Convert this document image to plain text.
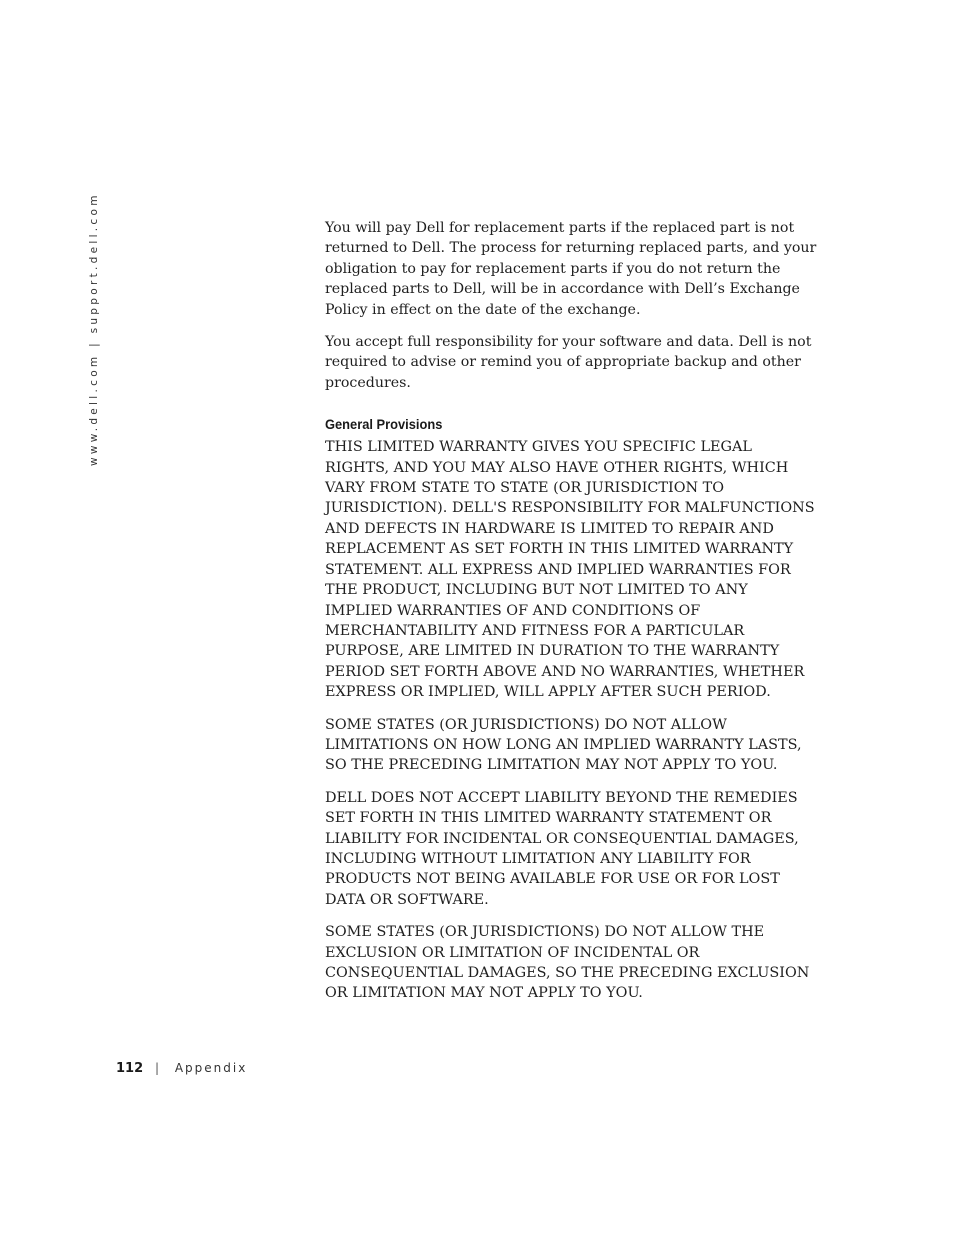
www.dell.com | support.dell.com	You will pay Dell for replacement parts if the replaced part is not returned to Dell. The process for returning replaced parts, and your obligation to pay for replacement parts if you do not return the replaced parts to Dell, will be in accordance with Dell’s Exchange Policy in effect on the date of the exchange.

You accept full responsibility for your software and data. Dell is not required to advise or remind you of appropriate backup and other procedures.

General Provisions

THIS LIMITED WARRANTY GIVES YOU SPECIFIC LEGAL RIGHTS, AND YOU MAY ALSO HAVE OTHER RIGHTS, WHICH VARY FROM STATE TO STATE (OR JURISDICTION TO JURISDICTION). DELL'S RESPONSIBILITY FOR MALFUNCTIONS AND DEFECTS IN HARDWARE IS LIMITED TO REPAIR AND REPLACEMENT AS SET FORTH IN THIS LIMITED WARRANTY STATEMENT. ALL EXPRESS AND IMPLIED WARRANTIES FOR THE PRODUCT, INCLUDING BUT NOT LIMITED TO ANY IMPLIED WARRANTIES OF AND CONDITIONS OF MERCHANTABILITY AND FITNESS FOR A PARTICULAR PURPOSE, ARE LIMITED IN DURATION TO THE WARRANTY PERIOD SET FORTH ABOVE AND NO WARRANTIES, WHETHER EXPRESS OR IMPLIED, WILL APPLY AFTER SUCH PERIOD.

SOME STATES (OR JURISDICTIONS) DO NOT ALLOW LIMITATIONS ON HOW LONG AN IMPLIED WARRANTY LASTS, SO THE PRECEDING LIMITATION MAY NOT APPLY TO YOU.

DELL DOES NOT ACCEPT LIABILITY BEYOND THE REMEDIES SET FORTH IN THIS LIMITED WARRANTY STATEMENT OR LIABILITY FOR INCIDENTAL OR CONSEQUENTIAL DAMAGES, INCLUDING WITHOUT LIMITATION ANY LIABILITY FOR PRODUCTS NOT BEING AVAILABLE FOR USE OR FOR LOST DATA OR SOFTWARE.

SOME STATES (OR JURISDICTIONS) DO NOT ALLOW THE EXCLUSION OR LIMITATION OF INCIDENTAL OR CONSEQUENTIAL DAMAGES, SO THE PRECEDING EXCLUSION OR LIMITATION MAY NOT APPLY TO YOU.

112 | Appendix
